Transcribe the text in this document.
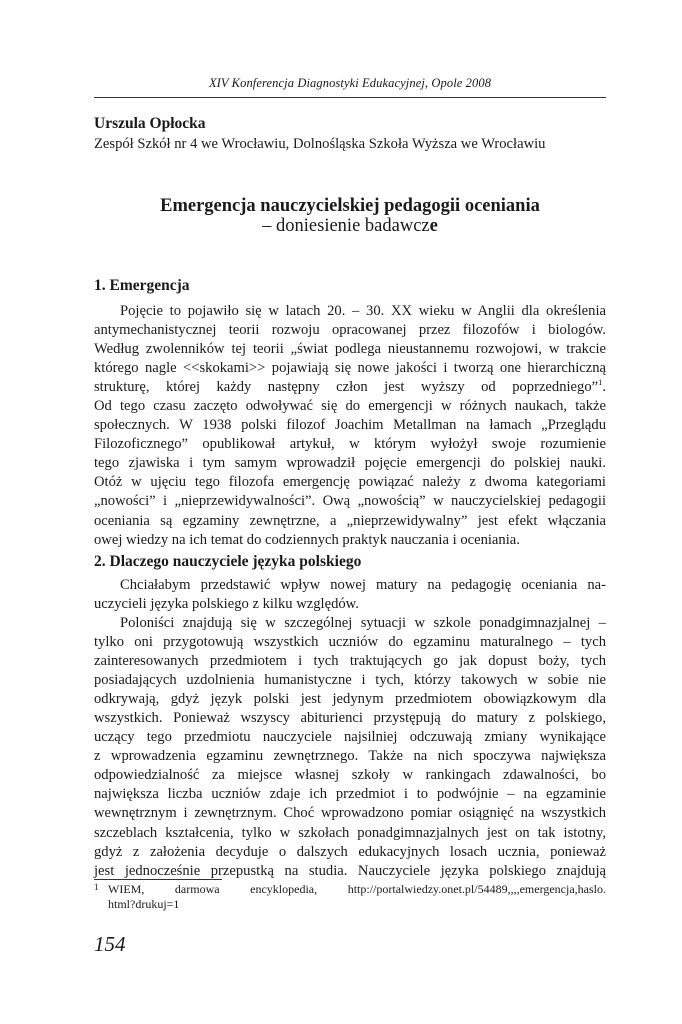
XIV Konferencja Diagnostyki Edukacyjnej, Opole 2008
Urszula Opłocka
Zespół Szkół nr 4 we Wrocławiu, Dolnośląska Szkoła Wyższa we Wrocławiu
Emergencja nauczycielskiej pedagogii oceniania
– doniesienie badawcze
1. Emergencja
Pojęcie to pojawiło się w latach 20. – 30. XX wieku w Anglii dla określenia
antymechanistycznej teorii rozwoju opracowanej przez filozofów i biologów.
Według zwolenników tej teorii „świat podlega nieustannemu rozwojowi, w trakcie
którego nagle <<skokami>> pojawiają się nowe jakości i tworzą one hierarchiczną
strukturę, której każdy następny człon jest wyższy od poprzedniego”$^1$.
Od tego czasu zaczęto odwoływać się do emergencji w różnych naukach, także
społecznych. W 1938 polski filozof Joachim Metallman na łamach „Przeglądu
Filozoficznego” opublikował artykuł, w którym wyłożył swoje rozumienie
tego zjawiska i tym samym wprowadził pojęcie emergencji do polskiej nauki.
Otóż w ujęciu tego filozofa emergencję powiązać należy z dwoma kategoriami
„nowości” i „nieprzewidywalności”. Ową „nowością” w nauczycielskiej pedagogii
oceniania są egzaminy zewnętrzne, a „nieprzewidywalny” jest efekt włączania
owej wiedzy na ich temat do codziennych praktyk nauczania i oceniania.
2. Dlaczego nauczyciele języka polskiego
Chciałabym przedstawić wpływ nowej matury na pedagogię oceniania na-
uczycieli języka polskiego z kilku względów.
Poloniści znajdują się w szczególnej sytuacji w szkole ponadgimnazjalnej –
tylko oni przygotowują wszystkich uczniów do egzaminu maturalnego – tych
zainteresowanych przedmiotem i tych traktujących go jak dopust boży, tych
posiadających uzdolnienia humanistyczne i tych, którzy takowych w sobie nie
odkrywają, gdyż język polski jest jedynym przedmiotem obowiązkowym dla
wszystkich. Ponieważ wszyscy abiturienci przystępują do matury z polskiego,
uczący tego przedmiotu nauczyciele najsilniej odczuwają zmiany wynikające
z wprowadzenia egzaminu zewnętrznego. Także na nich spoczywa największa
odpowiedzialność za miejsce własnej szkoły w rankingach zdawalności, bo
największa liczba uczniów zdaje ich przedmiot i to podwójnie – na egzaminie
wewnętrznym i zewnętrznym. Choć wprowadzono pomiar osiągnięć na wszystkich
szczeblach kształcenia, tylko w szkołach ponadgimnazjalnych jest on tak istotny,
gdyż z założenia decyduje o dalszych edukacyjnych losach ucznia, ponieważ
jest jednocześnie przepustką na studia. Nauczyciele języka polskiego znajdują
1 WIEM, darmowa encyklopedia, http://portalwiedzy.onet.pl/54489,,,,emergencja,haslo.
html?drukuj=1
154
